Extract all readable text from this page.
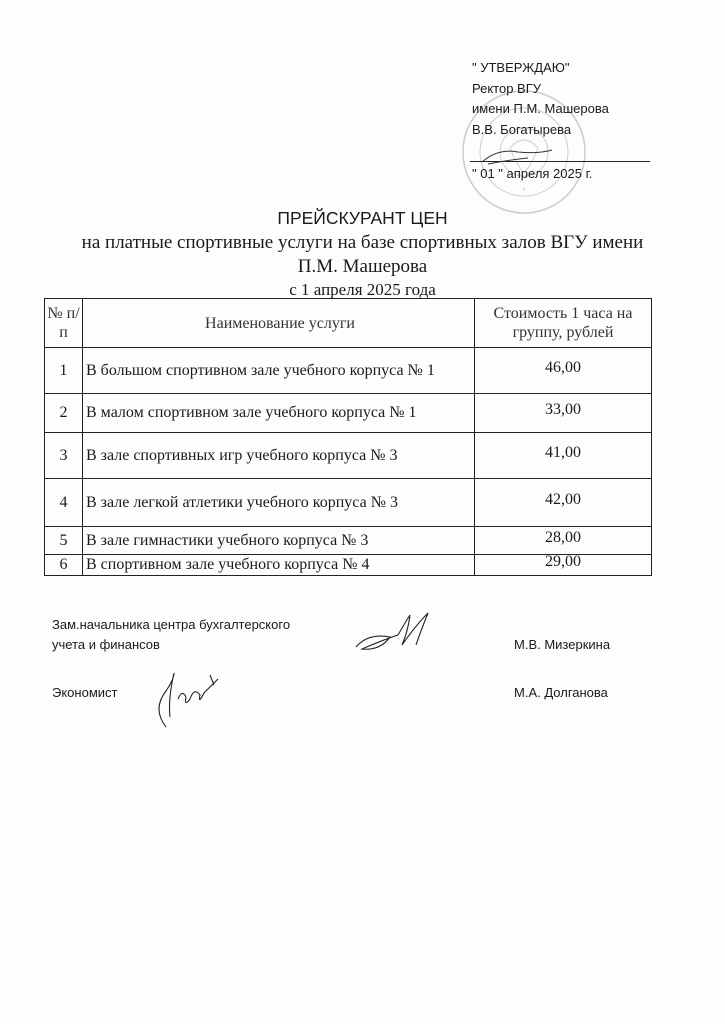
*
" УТВЕРЖДАЮ"
Ректор ВГУ
имени П.М. Машерова
В.В. Богатырева
" 01 " апреля 2025 г.
ПРЕЙСКУРАНТ ЦЕН
на платные спортивные услуги на базе спортивных залов ВГУ имени
П.М. Машерова
с 1 апреля 2025 года
№ п/п	Наименование услуги	Стоимость 1 часа на группу, рублей
1	В большом спортивном зале учебного корпуса № 1	46,00
2	В малом спортивном зале учебного корпуса № 1	33,00
3	В зале спортивных игр учебного корпуса № 3	41,00
4	В зале легкой атлетики учебного корпуса № 3	42,00
5	В зале гимнастики учебного корпуса № 3	28,00
6	В спортивном зале учебного корпуса № 4	29,00
Зам.начальника центра бухгалтерского
учета и финансов	М.В. Мизеркина
Экономист	М.А. Долганова
